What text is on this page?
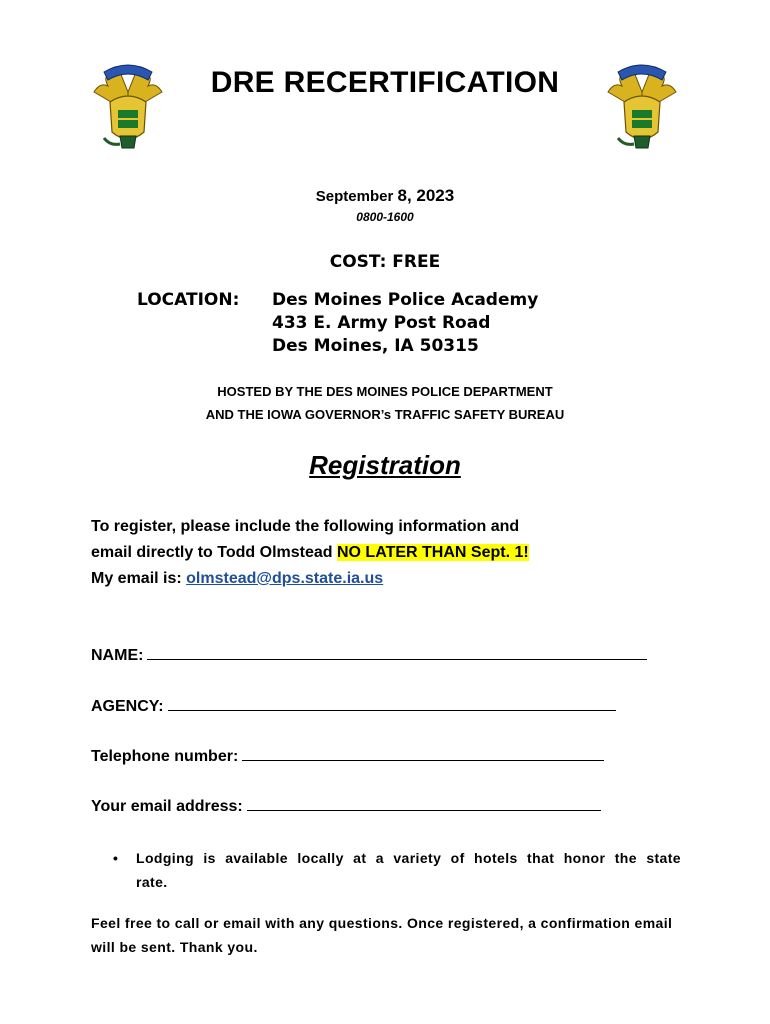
DRE RECERTIFICATION
September 8, 2023
0800-1600
COST: FREE
LOCATION: Des Moines Police Academy
433 E. Army Post Road
Des Moines, IA 50315
HOSTED BY THE DES MOINES POLICE DEPARTMENT
AND THE IOWA GOVERNOR’s TRAFFIC SAFETY BUREAU
Registration
To register, please include the following information and
email directly to Todd Olmstead NO LATER THAN Sept. 1!
My email is: olmstead@dps.state.ia.us
NAME:
AGENCY:
Telephone number:
Your email address:
• Lodging is available locally at a variety of hotels that honor the state rate.
Feel free to call or email with any questions. Once registered, a confirmation email will be sent. Thank you.
